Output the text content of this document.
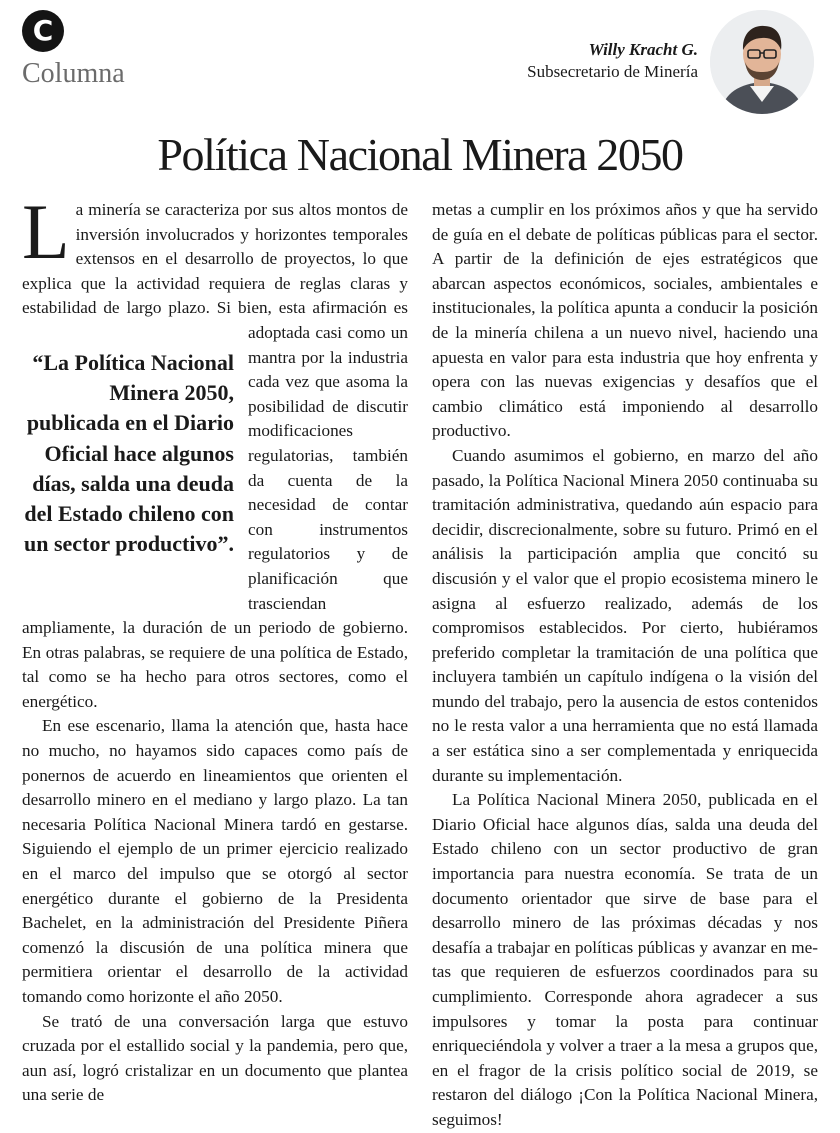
C
Columna
Willy Kracht G.
Subsecretario de Minería
Política Nacional Minera 2050
L
“La Política Nacional Minera 2050, publicada en el Diario Oficial hace algunos días, salda una deuda del Estado chileno con un sector productivo”.

a minería se caracteriza por sus altos montos de inversión involucrados y horizontes temporales extensos en el desarrollo de proyectos, lo que explica que la actividad requiera de reglas claras y estabilidad de largo plazo. Si bien, esta afirmación es adoptada casi como un mantra por la industria cada vez que asoma la posibilidad de discutir modificaciones regulatorias, también da cuenta de la necesidad de contar con instrumentos regulatorios y de planificación que trasciendan ampliamente, la duración de un periodo de gobierno. En otras palabras, se requiere de una política de Estado, tal como se ha hecho para otros sectores, como el energético.

En ese escenario, llama la atención que, hasta hace no mucho, no hayamos sido capaces como país de ponernos de acuerdo en lineamientos que orienten el desarrollo minero en el mediano y largo plazo. La tan necesaria Política Nacional Minera tardó en gestarse. Siguiendo el ejemplo de un primer ejercicio realizado en el marco del impulso que se otorgó al sector energético durante el gobierno de la Presidenta Bachelet, en la administración del Presidente Piñera comenzó la discusión de una política minera que permitiera orientar el desarrollo de la actividad tomando como horizonte el año 2050.

Se trató de una conversación larga que estuvo cruzada por el estallido social y la pandemia, pero que, aun así, logró cristalizar en un documento que plantea una serie de

metas a cumplir en los próximos años y que ha servido de guía en el debate de políticas públicas para el sector. A partir de la definición de ejes estratégicos que abarcan aspectos económicos, sociales, ambientales e institucionales, la política apunta a conducir la posición de la minería chilena a un nuevo nivel, haciendo una apuesta en valor para esta industria que hoy enfrenta y opera con las nuevas exigencias y desafíos que el cambio climático está imponiendo al desarrollo productivo.

Cuando asumimos el gobierno, en marzo del año pasado, la Política Nacional Minera 2050 continuaba su tramitación administrativa, quedando aún espacio para decidir, discrecionalmente, sobre su futuro. Primó en el análisis la participación amplia que concitó su discusión y el valor que el propio ecosistema minero le asigna al esfuerzo realizado, además de los compromisos establecidos. Por cierto, hubiéramos preferido completar la tramitación de una política que incluyera también un capítulo indígena o la visión del mundo del trabajo, pero la ausencia de estos contenidos no le resta valor a una herramienta que no está llamada a ser estática sino a ser complementada y enriquecida durante su implementación.

La Política Nacional Minera 2050, publicada en el Diario Oficial hace algunos días, salda una deuda del Estado chileno con un sector productivo de gran importancia para nuestra economía. Se trata de un documento orientador que sirve de base para el desarrollo minero de las próximas décadas y nos desafía a trabajar en políticas públicas y avanzar en metas que requieren de esfuerzos coordinados para su cumplimiento. Corresponde ahora agradecer a sus impulsores y tomar la posta para continuar enriqueciéndola y volver a traer a la mesa a grupos que, en el fragor de la crisis político social de 2019, se restaron del diálogo ¡Con la Política Nacional Minera, seguimos!
